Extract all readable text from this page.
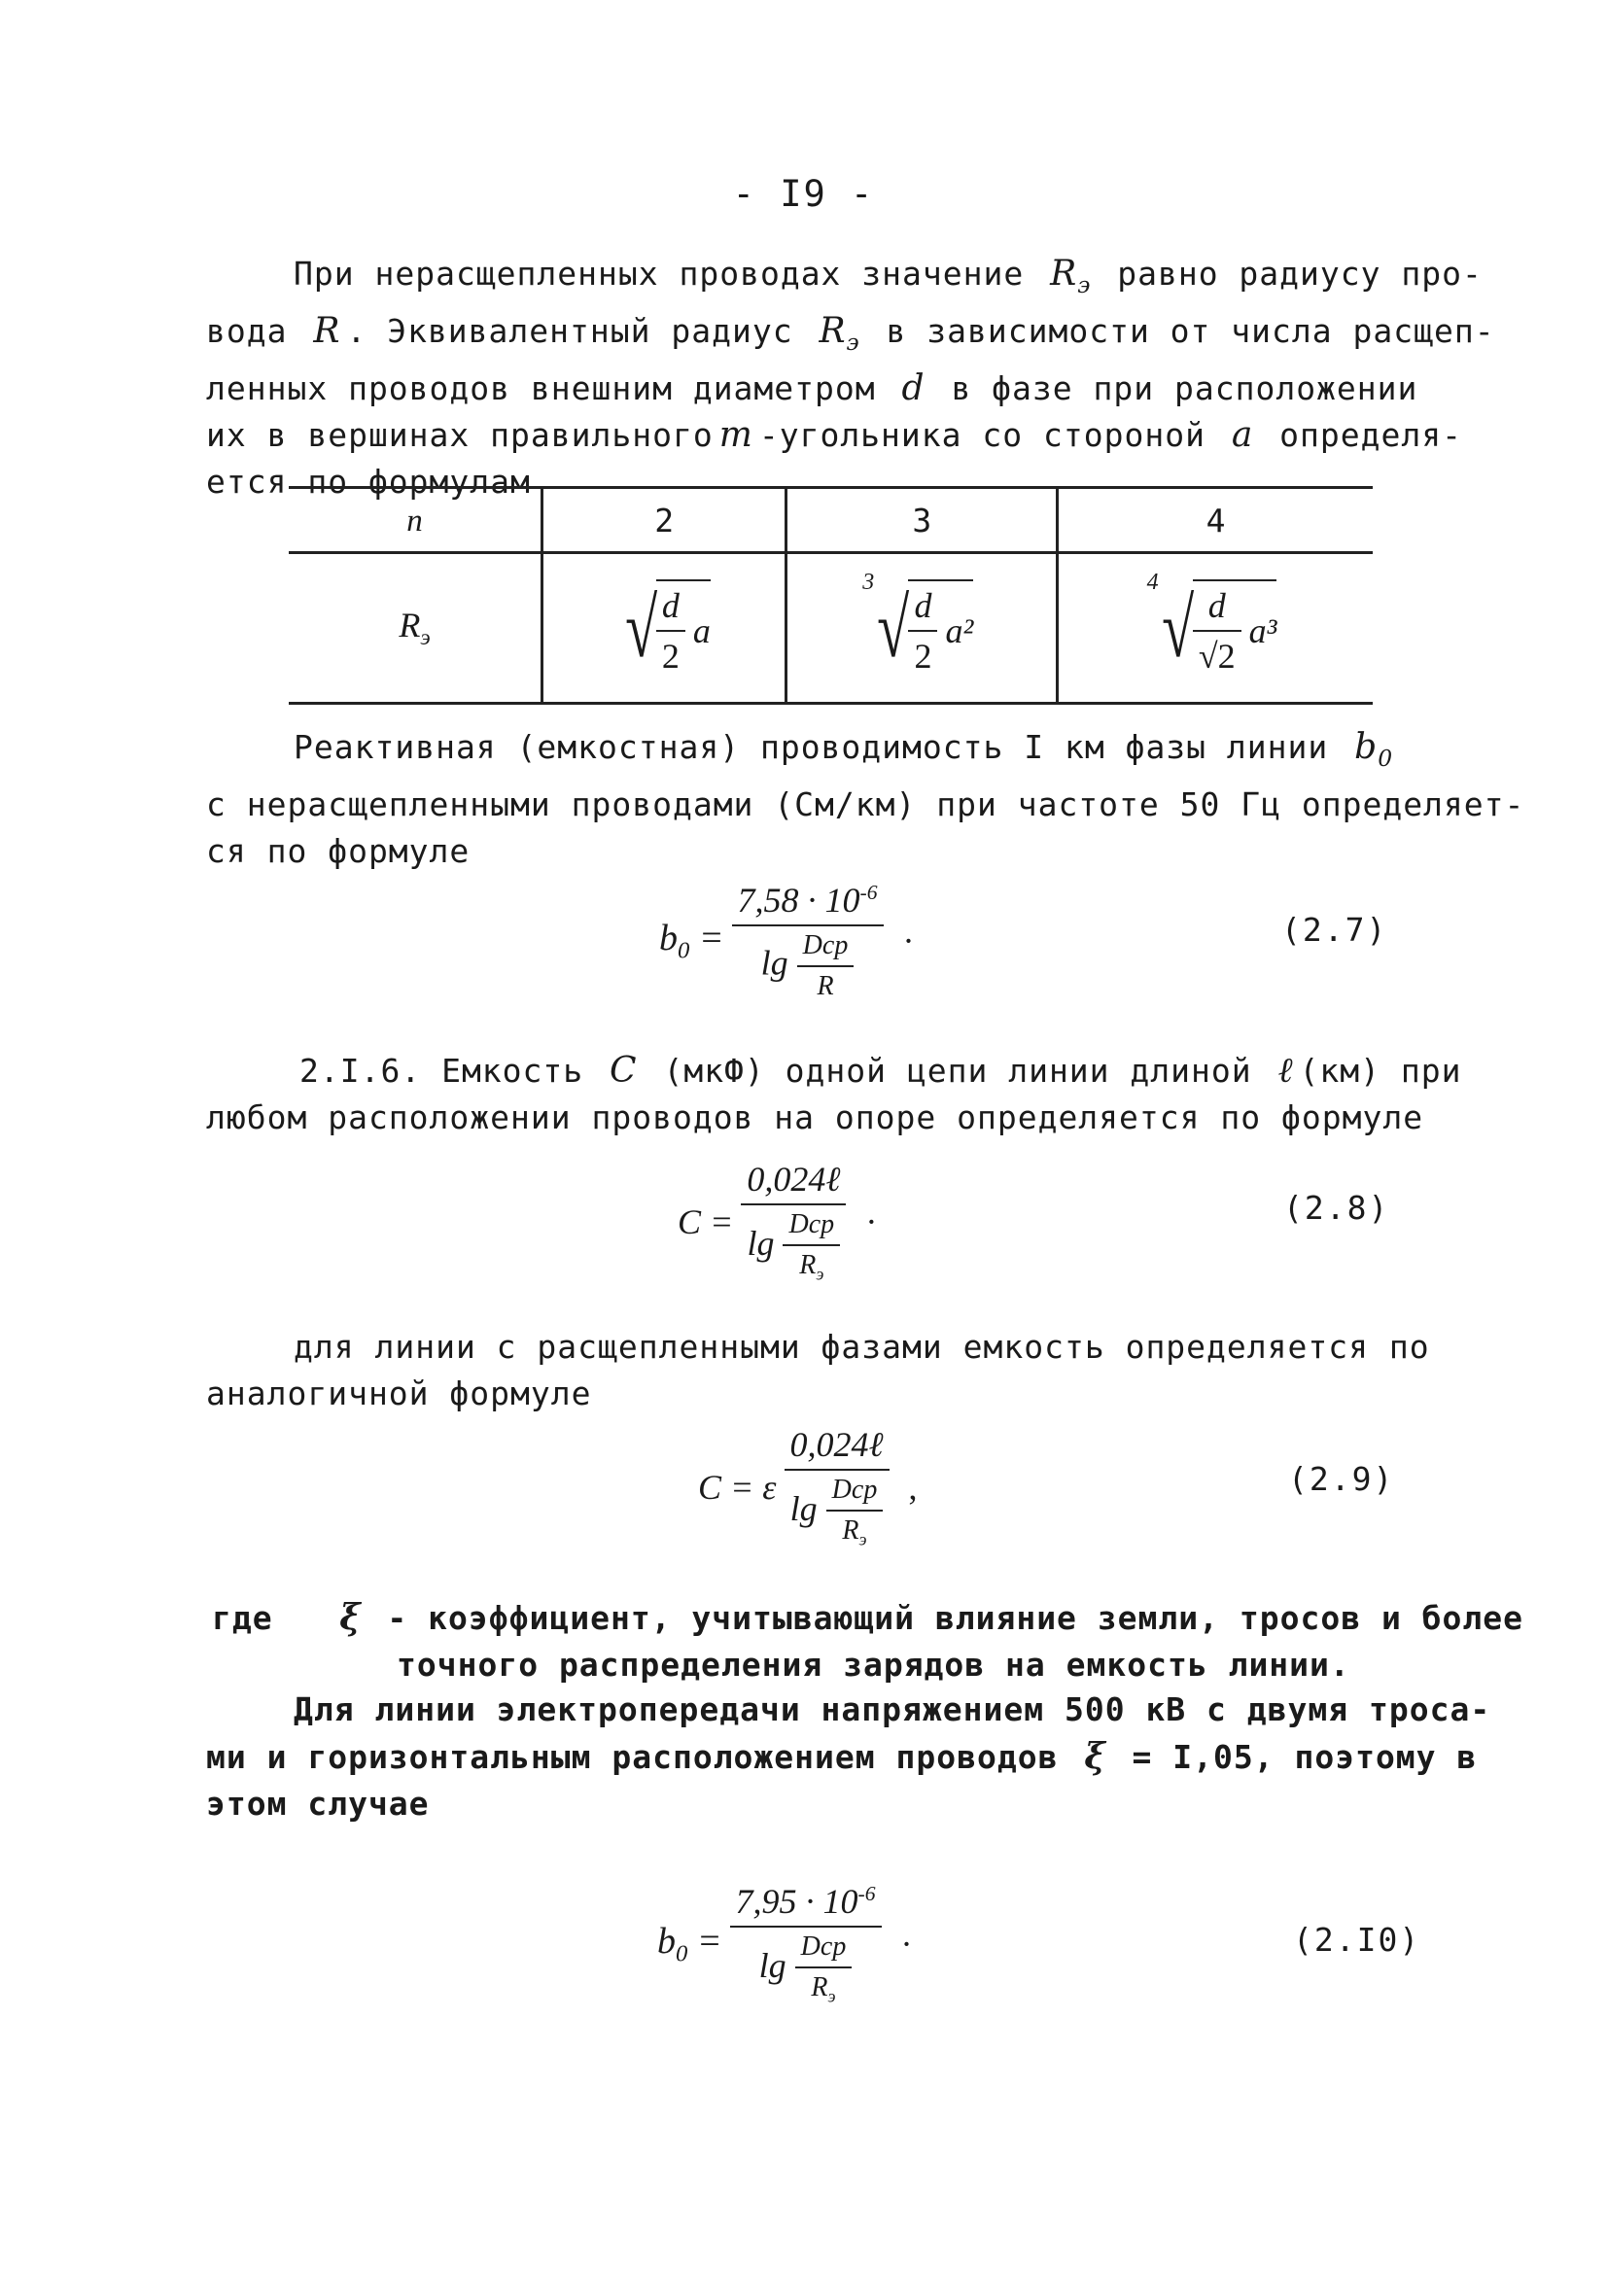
- I9 -
При нерасщепленных проводах значение $R_э$ равно радиусу про-
вода R . Эквивалентный радиус $R_э$ в зависимости от числа расщеп-
ленных проводов внешним диаметром d в фазе при расположении
их в вершинах правильного m -угольника со стороной a определя-
ется по формулам
n	2	3	4
$R_э$	√ $\frac{d}{2}$ a	3 √ $\frac{d}{2} a^2$	4 √ $\frac{d}{√2} a^3$
Реактивная (емкостная) проводимость I км фазы линии $b_0$
с нерасщепленными проводами (См/км) при частоте 50 Гц определяет-
ся по формуле
$b_0 = \frac{7,58 \cdot 10^{-6}}{\lg \frac{\text{Dср}}{R}}$ ·	(2.7)
2.I.6. Емкость C (мкФ) одной цепи линии длиной ℓ (км) при
любом расположении проводов на опоре определяется по формуле
$C = \frac{\text{0,024ℓ}}{\lg \frac{\text{Dср}}{R_э}}$ ·	(2.8)
для линии с расщепленными фазами емкость определяется по
аналогичной формуле
C = ε $\frac{\text{0,024ℓ}}{\lg \frac{\text{Dср}}{R_э}}$ ,	(2.9)
где ξ - коэффициент, учитывающий влияние земли, тросов и более
точного распределения зарядов на емкость линии.
Для линии электропередачи напряжением 500 кВ с двумя троса-
ми и горизонтальным расположением проводов ξ = I,05, поэтому в
этом случае
$b_0 = \frac{7,95 \cdot 10^{-6}}{\lg \frac{\text{Dср}}{R_э}}$ ·	(2.I0)
